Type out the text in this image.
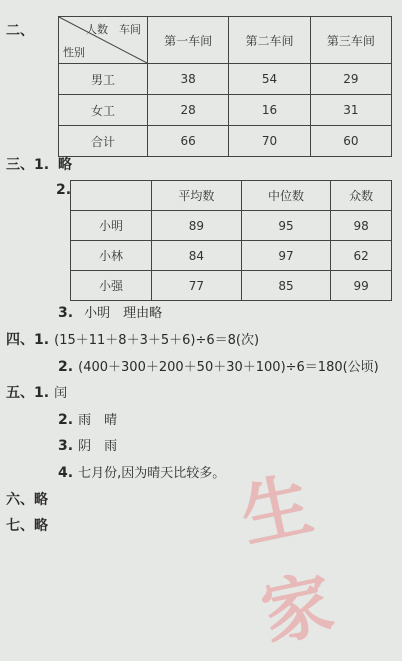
生　家
二、	人数　车间
性别	第一车间	第二车间	第三车间
男工	38	54	29
女工	28	16	31
合计	66	70	60
三、1. 略
2.
		平均数	中位数	众数
小明	89	95	98
小林	84	97	62
小强	77	85	99
3. 小明　理由略
四、1. (15＋11＋8＋3＋5＋6)÷6＝8(次)
2. (400＋300＋200＋50＋30＋100)÷6＝180(公顷)
五、1. 闰
2. 雨　晴
3. 阴　雨
4. 七月份,因为晴天比较多。
六、略
七、略
